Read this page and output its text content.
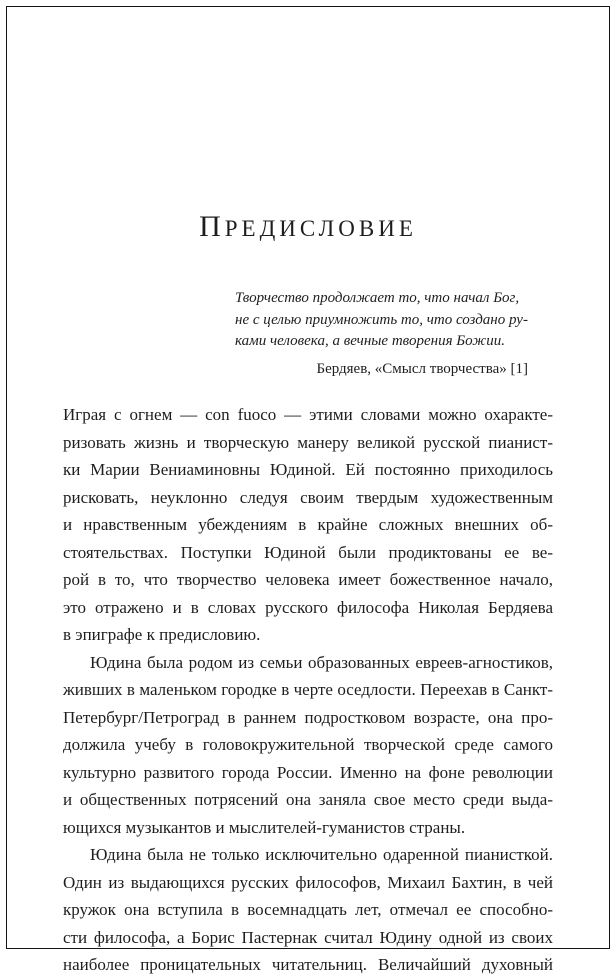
ПРЕДИСЛОВИЕ
Творчество продолжает то, что начал Бог,
не с целью приумножить то, что создано ру-
ками человека, а вечные творения Божии.
Бердяев, «Смысл творчества» [1]
Играя с огнем — con fuoco — этими словами можно охаракте-
ризовать жизнь и творческую манеру великой русской пианист-
ки Марии Вениаминовны Юдиной. Ей постоянно приходилось
рисковать, неуклонно следуя своим твердым художественным
и нравственным убеждениям в крайне сложных внешних об-
стоятельствах. Поступки Юдиной были продиктованы ее ве-
рой в то, что творчество человека имеет божественное начало,
это отражено и в словах русского философа Николая Бердяева
в эпиграфе к предисловию.
Юдина была родом из семьи образованных евреев-агностиков,
живших в маленьком городке в черте оседлости. Переехав в Санкт-
Петербург/Петроград в раннем подростковом возрасте, она про-
должила учебу в головокружительной творческой среде самого
культурно развитого города России. Именно на фоне революции
и общественных потрясений она заняла свое место среди выда-
ющихся музыкантов и мыслителей-гуманистов страны.
Юдина была не только исключительно одаренной пианисткой.
Один из выдающихся русских философов, Михаил Бахтин, в чей
кружок она вступила в восемнадцать лет, отмечал ее способно-
сти философа, а Борис Пастернак считал Юдину одной из своих
наиболее проницательных читательниц. Величайший духовный
